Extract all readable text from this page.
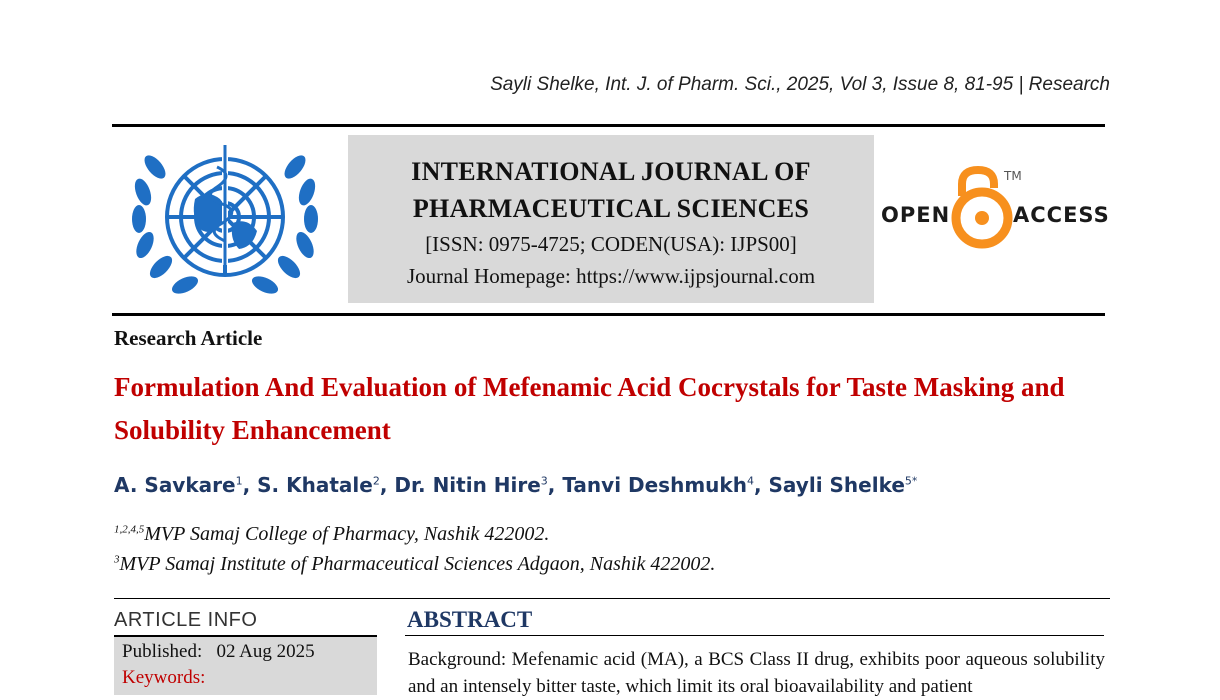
Sayli Shelke, Int. J. of Pharm. Sci., 2025, Vol 3, Issue 8, 81-95 | Research
INTERNATIONAL JOURNAL OF
PHARMACEUTICAL SCIENCES
[ISSN: 0975-4725; CODEN(USA): IJPS00]
Journal Homepage: https://www.ijpsjournal.com
OPEN	ACCESS
TM
Research Article
Formulation And Evaluation of Mefenamic Acid Cocrystals for Taste Masking and Solubility Enhancement
A. Savkare$^1$, S. Khatale$^2$, Dr. Nitin Hire$^3$, Tanvi Deshmukh$^4$, Sayli Shelke$^{5*}$
$^{1,2,4,5}$MVP Samaj College of Pharmacy, Nashik 422002.
$^3$MVP Samaj Institute of Pharmaceutical Sciences Adgaon, Nashik 422002.
ARTICLE INFO
Published: 02 Aug 2025
Keywords:
ABSTRACT
Background: Mefenamic acid (MA), a BCS Class II drug, exhibits poor aqueous solubility and an intensely bitter taste, which limit its oral bioavailability and patient
